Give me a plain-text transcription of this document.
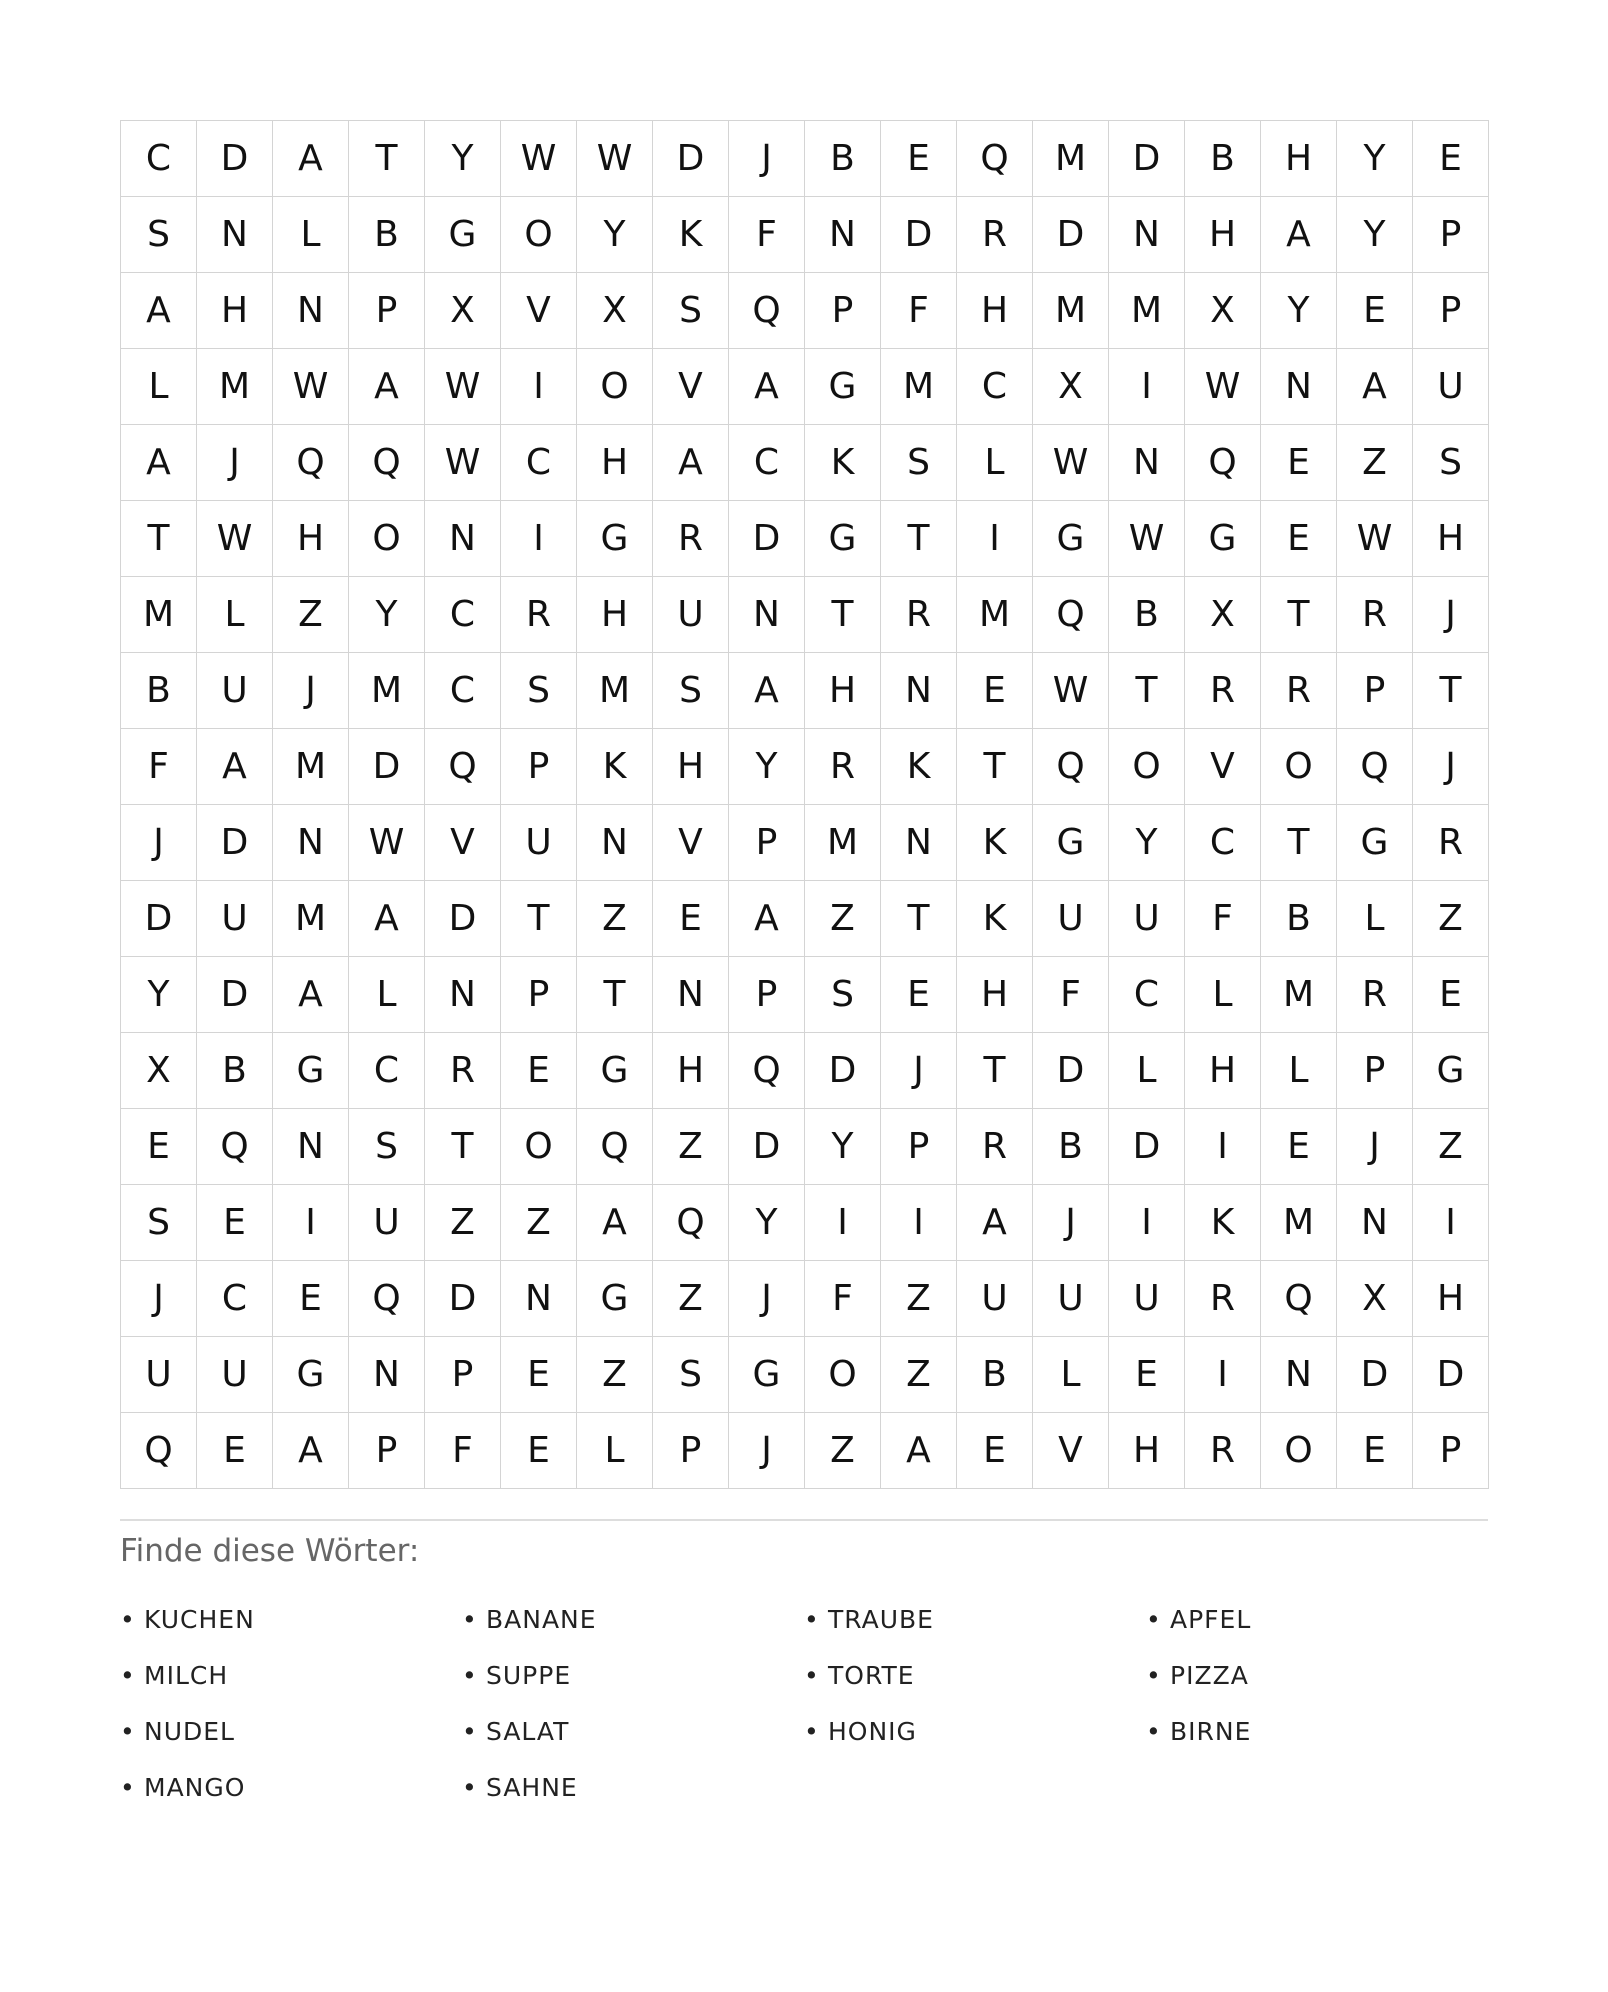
C	D	A	T	Y	W	W	D	J	B	E	Q	M	D	B	H	Y	E
S	N	L	B	G	O	Y	K	F	N	D	R	D	N	H	A	Y	P
A	H	N	P	X	V	X	S	Q	P	F	H	M	M	X	Y	E	P
L	M	W	A	W	I	O	V	A	G	M	C	X	I	W	N	A	U
A	J	Q	Q	W	C	H	A	C	K	S	L	W	N	Q	E	Z	S
T	W	H	O	N	I	G	R	D	G	T	I	G	W	G	E	W	H
M	L	Z	Y	C	R	H	U	N	T	R	M	Q	B	X	T	R	J
B	U	J	M	C	S	M	S	A	H	N	E	W	T	R	R	P	T
F	A	M	D	Q	P	K	H	Y	R	K	T	Q	O	V	O	Q	J
J	D	N	W	V	U	N	V	P	M	N	K	G	Y	C	T	G	R
D	U	M	A	D	T	Z	E	A	Z	T	K	U	U	F	B	L	Z
Y	D	A	L	N	P	T	N	P	S	E	H	F	C	L	M	R	E
X	B	G	C	R	E	G	H	Q	D	J	T	D	L	H	L	P	G
E	Q	N	S	T	O	Q	Z	D	Y	P	R	B	D	I	E	J	Z
S	E	I	U	Z	Z	A	Q	Y	I	I	A	J	I	K	M	N	I
J	C	E	Q	D	N	G	Z	J	F	Z	U	U	U	R	Q	X	H
U	U	G	N	P	E	Z	S	G	O	Z	B	L	E	I	N	D	D
Q	E	A	P	F	E	L	P	J	Z	A	E	V	H	R	O	E	P
Finde diese Wörter:
• KUCHEN	• BANANE	• TRAUBE	• APFEL
• MILCH	• SUPPE	• TORTE	• PIZZA
• NUDEL	• SALAT	• HONIG	• BIRNE
• MANGO	• SAHNE
